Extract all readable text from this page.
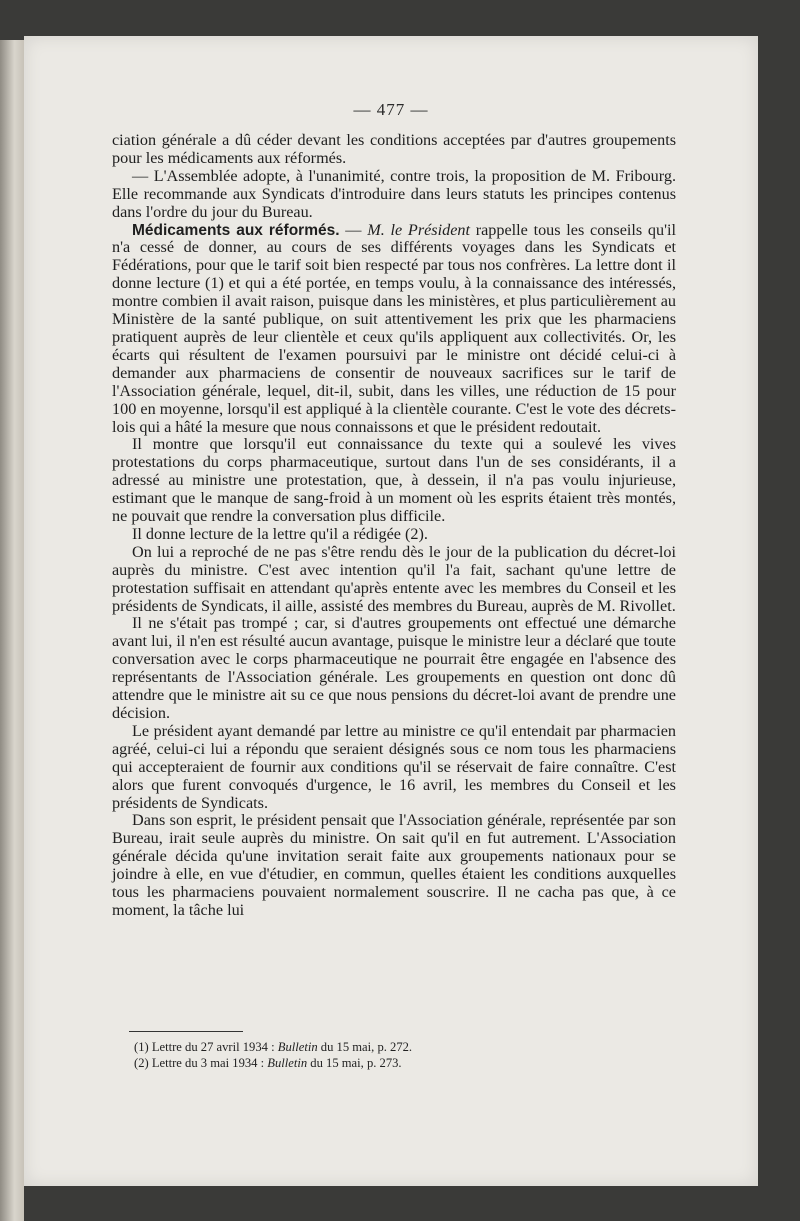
— 477 —

ciation générale a dû céder devant les conditions acceptées par d'autres groupements pour les médicaments aux réformés.

— L'Assemblée adopte, à l'unanimité, contre trois, la proposition de M. Fribourg. Elle recommande aux Syndicats d'introduire dans leurs statuts les principes contenus dans l'ordre du jour du Bureau.

Médicaments aux réformés. — M. le Président rappelle tous les conseils qu'il n'a cessé de donner, au cours de ses différents voyages dans les Syndicats et Fédérations, pour que le tarif soit bien respecté par tous nos confrères. La lettre dont il donne lecture (1) et qui a été portée, en temps voulu, à la connaissance des intéressés, montre combien il avait raison, puisque dans les ministères, et plus particulièrement au Ministère de la santé publique, on suit attentivement les prix que les pharmaciens pratiquent auprès de leur clientèle et ceux qu'ils appliquent aux collectivités. Or, les écarts qui résultent de l'examen poursuivi par le ministre ont décidé celui-ci à demander aux pharmaciens de consentir de nouveaux sacrifices sur le tarif de l'Association générale, lequel, dit-il, subit, dans les villes, une réduction de 15 pour 100 en moyenne, lorsqu'il est appliqué à la clientèle courante. C'est le vote des décrets-lois qui a hâté la mesure que nous connaissons et que le président redoutait.

Il montre que lorsqu'il eut connaissance du texte qui a soulevé les vives protestations du corps pharmaceutique, surtout dans l'un de ses considérants, il a adressé au ministre une protestation, que, à dessein, il n'a pas voulu injurieuse, estimant que le manque de sang-froid à un moment où les esprits étaient très montés, ne pouvait que rendre la conversation plus difficile.

Il donne lecture de la lettre qu'il a rédigée (2).

On lui a reproché de ne pas s'être rendu dès le jour de la publication du décret-loi auprès du ministre. C'est avec intention qu'il l'a fait, sachant qu'une lettre de protestation suffisait en attendant qu'après entente avec les membres du Conseil et les présidents de Syndicats, il aille, assisté des membres du Bureau, auprès de M. Rivollet.

Il ne s'était pas trompé ; car, si d'autres groupements ont effectué une démarche avant lui, il n'en est résulté aucun avantage, puisque le ministre leur a déclaré que toute conversation avec le corps pharmaceutique ne pourrait être engagée en l'absence des représentants de l'Association générale. Les groupements en question ont donc dû attendre que le ministre ait su ce que nous pensions du décret-loi avant de prendre une décision.

Le président ayant demandé par lettre au ministre ce qu'il entendait par pharmacien agréé, celui-ci lui a répondu que seraient désignés sous ce nom tous les pharmaciens qui accepteraient de fournir aux conditions qu'il se réservait de faire connaître. C'est alors que furent convoqués d'urgence, le 16 avril, les membres du Conseil et les présidents de Syndicats.

Dans son esprit, le président pensait que l'Association générale, représentée par son Bureau, irait seule auprès du ministre. On sait qu'il en fut autrement. L'Association générale décida qu'une invitation serait faite aux groupements nationaux pour se joindre à elle, en vue d'étudier, en commun, quelles étaient les conditions auxquelles tous les pharmaciens pouvaient normalement souscrire. Il ne cacha pas que, à ce moment, la tâche lui

(1) Lettre du 27 avril 1934 : Bulletin du 15 mai, p. 272.
(2) Lettre du 3 mai 1934 : Bulletin du 15 mai, p. 273.
